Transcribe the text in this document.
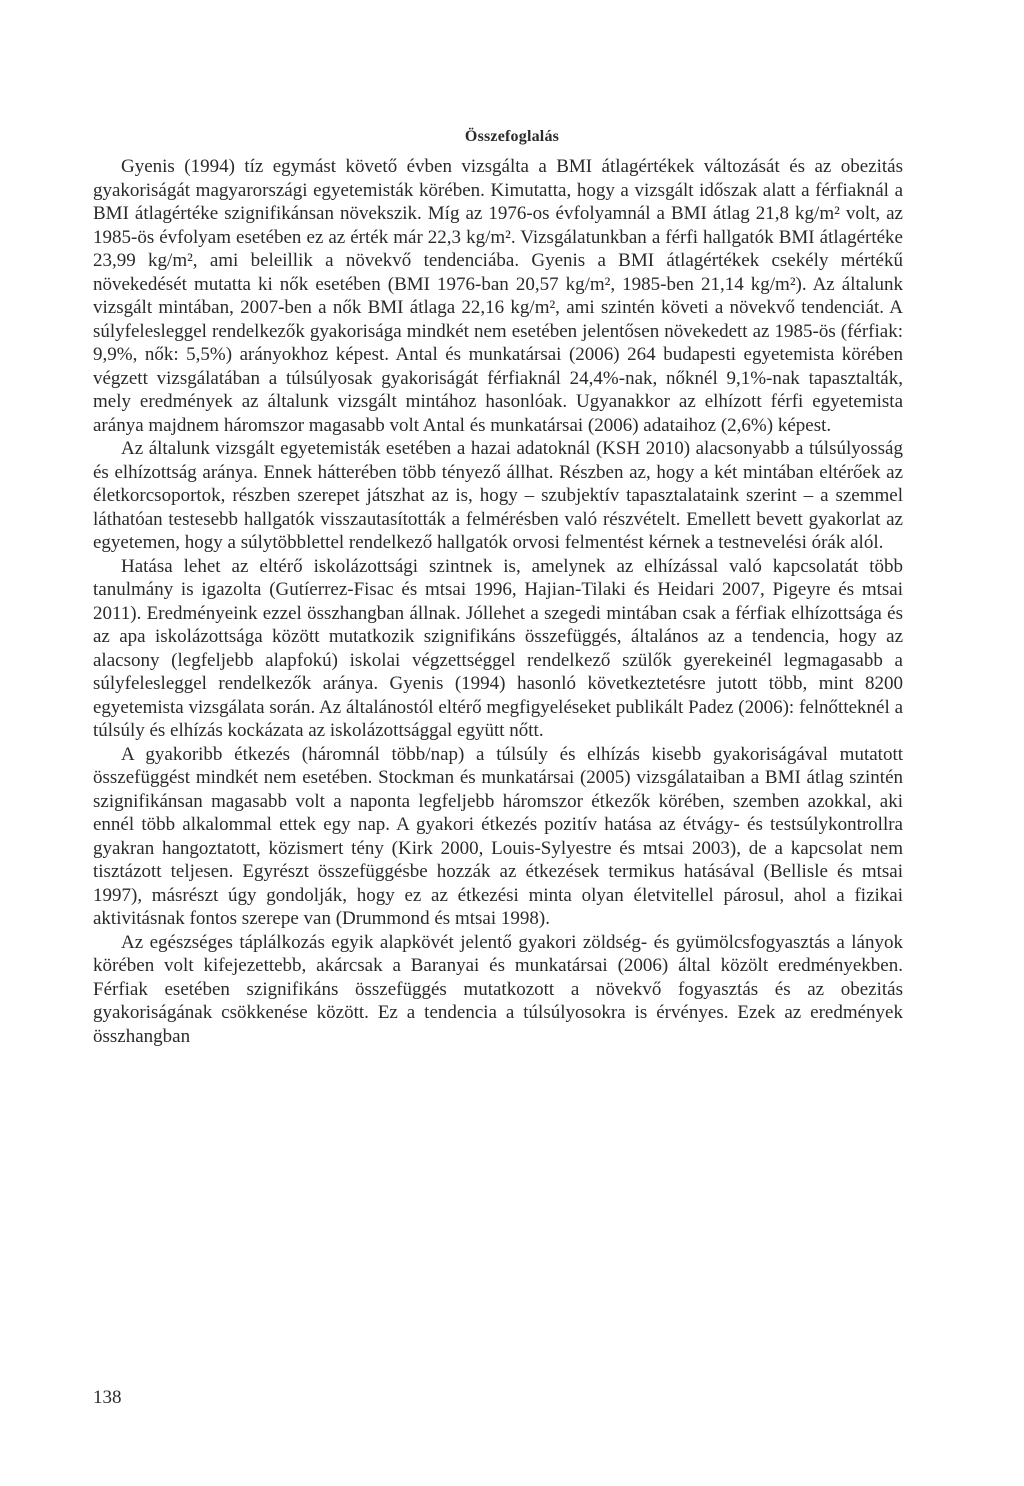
Összefoglalás

Gyenis (1994) tíz egymást követő évben vizsgálta a BMI átlagértékek változását és az obezitás gyakoriságát magyarországi egyetemisták körében. Kimutatta, hogy a vizsgált időszak alatt a férfiaknál a BMI átlagértéke szignifikánsan növekszik. Míg az 1976-os évfolyamnál a BMI átlag 21,8 kg/m² volt, az 1985-ös évfolyam esetében ez az érték már 22,3 kg/m². Vizsgálatunkban a férfi hallgatók BMI átlagértéke 23,99 kg/m², ami beleillik a növekvő tendenciába. Gyenis a BMI átlagértékek csekély mértékű növekedését mutatta ki nők esetében (BMI 1976-ban 20,57 kg/m², 1985-ben 21,14 kg/m²). Az általunk vizsgált mintában, 2007-ben a nők BMI átlaga 22,16 kg/m², ami szintén követi a növekvő tendenciát. A súlyfelesleggel rendelkezők gyakorisága mindkét nem esetében jelentősen növekedett az 1985-ös (férfiak: 9,9%, nők: 5,5%) arányokhoz képest. Antal és munkatársai (2006) 264 budapesti egyetemista körében végzett vizsgálatában a túlsúlyosak gyakoriságát férfiaknál 24,4%-nak, nőknél 9,1%-nak tapasztalták, mely eredmények az általunk vizsgált mintához hasonlóak. Ugyanakkor az elhízott férfi egyetemista aránya majdnem háromszor magasabb volt Antal és munkatársai (2006) adataihoz (2,6%) képest.

Az általunk vizsgált egyetemisták esetében a hazai adatoknál (KSH 2010) alacsonyabb a túlsúlyosság és elhízottság aránya. Ennek hátterében több tényező állhat. Részben az, hogy a két mintában eltérőek az életkorcsoportok, részben szerepet játszhat az is, hogy – szubjektív tapasztalataink szerint – a szemmel láthatóan testesebb hallgatók visszautasították a felmérésben való részvételt. Emellett bevett gyakorlat az egyetemen, hogy a súlytöbblettel rendelkező hallgatók orvosi felmentést kérnek a testnevelési órák alól.

Hatása lehet az eltérő iskolázottsági szintnek is, amelynek az elhízással való kapcsolatát több tanulmány is igazolta (Gutíerrez-Fisac és mtsai 1996, Hajian-Tilaki és Heidari 2007, Pigeyre és mtsai 2011). Eredményeink ezzel összhangban állnak. Jóllehet a szegedi mintában csak a férfiak elhízottsága és az apa iskolázottsága között mutatkozik szignifikáns összefüggés, általános az a tendencia, hogy az alacsony (legfeljebb alapfokú) iskolai végzettséggel rendelkező szülők gyerekeinél legmagasabb a súlyfelesleggel rendelkezők aránya. Gyenis (1994) hasonló következtetésre jutott több, mint 8200 egyetemista vizsgálata során. Az általánostól eltérő megfigyeléseket publikált Padez (2006): felnőtteknél a túlsúly és elhízás kockázata az iskolázottsággal együtt nőtt.

A gyakoribb étkezés (háromnál több/nap) a túlsúly és elhízás kisebb gyakoriságával mutatott összefüggést mindkét nem esetében. Stockman és munkatársai (2005) vizsgálataiban a BMI átlag szintén szignifikánsan magasabb volt a naponta legfeljebb háromszor étkezők körében, szemben azokkal, aki ennél több alkalommal ettek egy nap. A gyakori étkezés pozitív hatása az étvágy- és testsúlykontrollra gyakran hangoztatott, közismert tény (Kirk 2000, Louis-Sylyestre és mtsai 2003), de a kapcsolat nem tisztázott teljesen. Egyrészt összefüggésbe hozzák az étkezések termikus hatásával (Bellisle és mtsai 1997), másrészt úgy gondolják, hogy ez az étkezési minta olyan életvitellel párosul, ahol a fizikai aktivitásnak fontos szerepe van (Drummond és mtsai 1998).

Az egészséges táplálkozás egyik alapkövét jelentő gyakori zöldség- és gyümölcsfogyasztás a lányok körében volt kifejezettebb, akárcsak a Baranyai és munkatársai (2006) által közölt eredményekben. Férfiak esetében szignifikáns összefüggés mutatkozott a növekvő fogyasztás és az obezitás gyakoriságának csökkenése között. Ez a tendencia a túlsúlyosokra is érvényes. Ezek az eredmények összhangban

138
